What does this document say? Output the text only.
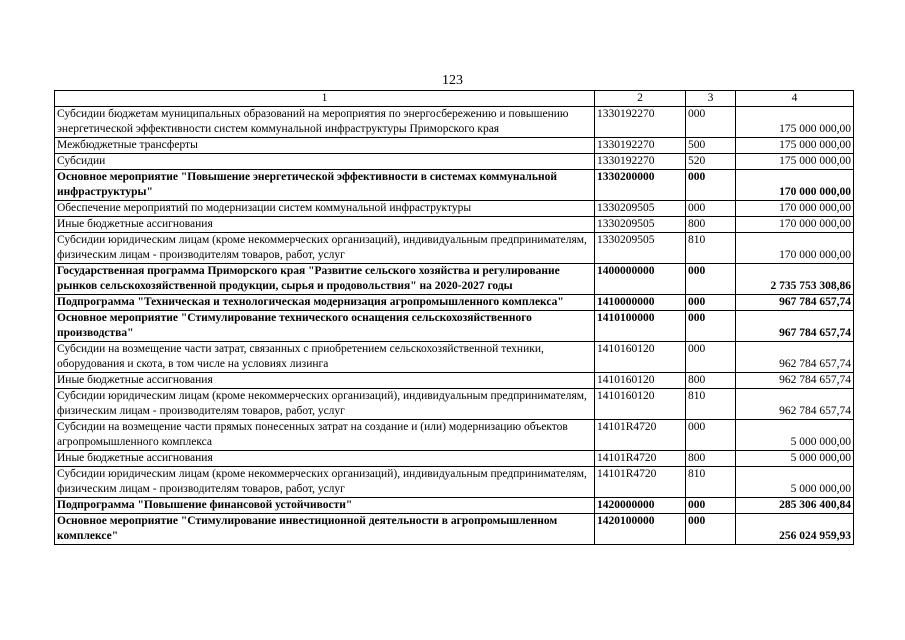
123
1	2	3	4
Субсидии бюджетам муниципальных образований на мероприятия по энергосбережению и повышению энергетической эффективности систем коммунальной инфраструктуры Приморского края	1330192270	000	175 000 000,00
Межбюджетные трансферты	1330192270	500	175 000 000,00
Субсидии	1330192270	520	175 000 000,00
Основное мероприятие "Повышение энергетической эффективности в системах коммунальной инфраструктуры"	1330200000	000	170 000 000,00
Обеспечение мероприятий по модернизации систем коммунальной инфраструктуры	1330209505	000	170 000 000,00
Иные бюджетные ассигнования	1330209505	800	170 000 000,00
Субсидии юридическим лицам (кроме некоммерческих организаций), индивидуальным предпринимателям, физическим лицам - производителям товаров, работ, услуг	1330209505	810	170 000 000,00
Государственная программа Приморского края "Развитие сельского хозяйства и регулирование рынков сельскохозяйственной продукции, сырья и продовольствия" на 2020-2027 годы	1400000000	000	2 735 753 308,86
Подпрограмма "Техническая и технологическая модернизация агропромышленного комплекса"	1410000000	000	967 784 657,74
Основное мероприятие "Стимулирование технического оснащения сельскохозяйственного производства"	1410100000	000	967 784 657,74
Субсидии на возмещение части затрат, связанных с приобретением сельскохозяйственной техники, оборудования и скота, в том числе на условиях лизинга	1410160120	000	962 784 657,74
Иные бюджетные ассигнования	1410160120	800	962 784 657,74
Субсидии юридическим лицам (кроме некоммерческих организаций), индивидуальным предпринимателям, физическим лицам - производителям товаров, работ, услуг	1410160120	810	962 784 657,74
Субсидии на возмещение части прямых понесенных затрат на создание и (или) модернизацию объектов агропромышленного комплекса	14101R4720	000	5 000 000,00
Иные бюджетные ассигнования	14101R4720	800	5 000 000,00
Субсидии юридическим лицам (кроме некоммерческих организаций), индивидуальным предпринимателям, физическим лицам - производителям товаров, работ, услуг	14101R4720	810	5 000 000,00
Подпрограмма "Повышение финансовой устойчивости"	1420000000	000	285 306 400,84
Основное мероприятие "Стимулирование инвестиционной деятельности в агропромышленном комплексе"	1420100000	000	256 024 959,93
